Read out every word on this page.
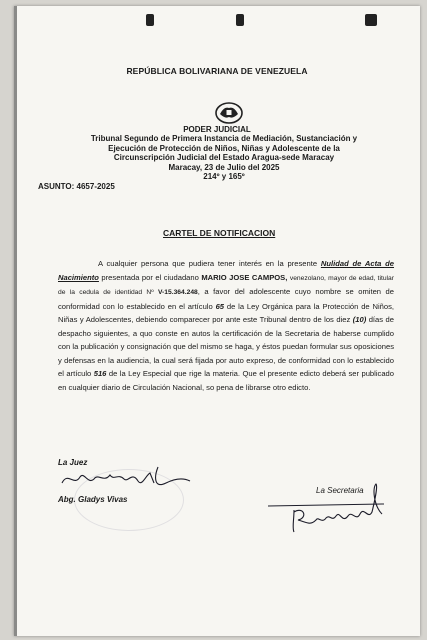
REPÚBLICA BOLIVARIANA DE VENEZUELA
PODER JUDICIAL
Tribunal Segundo de Primera Instancia de Mediación, Sustanciación y
Ejecución de Protección de Niños, Niñas y Adolescente de la
Circunscripción Judicial del Estado Aragua-sede Maracay
Maracay, 23 de Julio del 2025
214º y 165º
ASUNTO: 4657-2025
CARTEL DE NOTIFICACION
A cualquier persona que pudiera tener interés en la presente Nulidad de Acta de Nacimiento presentada por el ciudadano MARIO JOSE CAMPOS, venezolano, mayor de edad, titular de la cedula de identidad Nº V-15.364.248, a favor del adolescente cuyo nombre se omiten de conformidad con lo establecido en el artículo 65 de la Ley Orgánica para la Protección de Niños, Niñas y Adolescentes, debiendo comparecer por ante este Tribunal dentro de los diez (10) días de despacho siguientes, a quo conste en autos la certificación de la Secretaria de haberse cumplido con la publicación y consignación que del mismo se haga, y éstos puedan formular sus oposiciones y defensas en la audiencia, la cual será fijada por auto expreso, de conformidad con lo establecido el artículo 516 de la Ley Especial que rige la materia. Que el presente edicto deberá ser publicado en cualquier diario de Circulación Nacional, so pena de librarse otro edicto.
La Juez
Abg. Gladys Vivas
La Secretaria
